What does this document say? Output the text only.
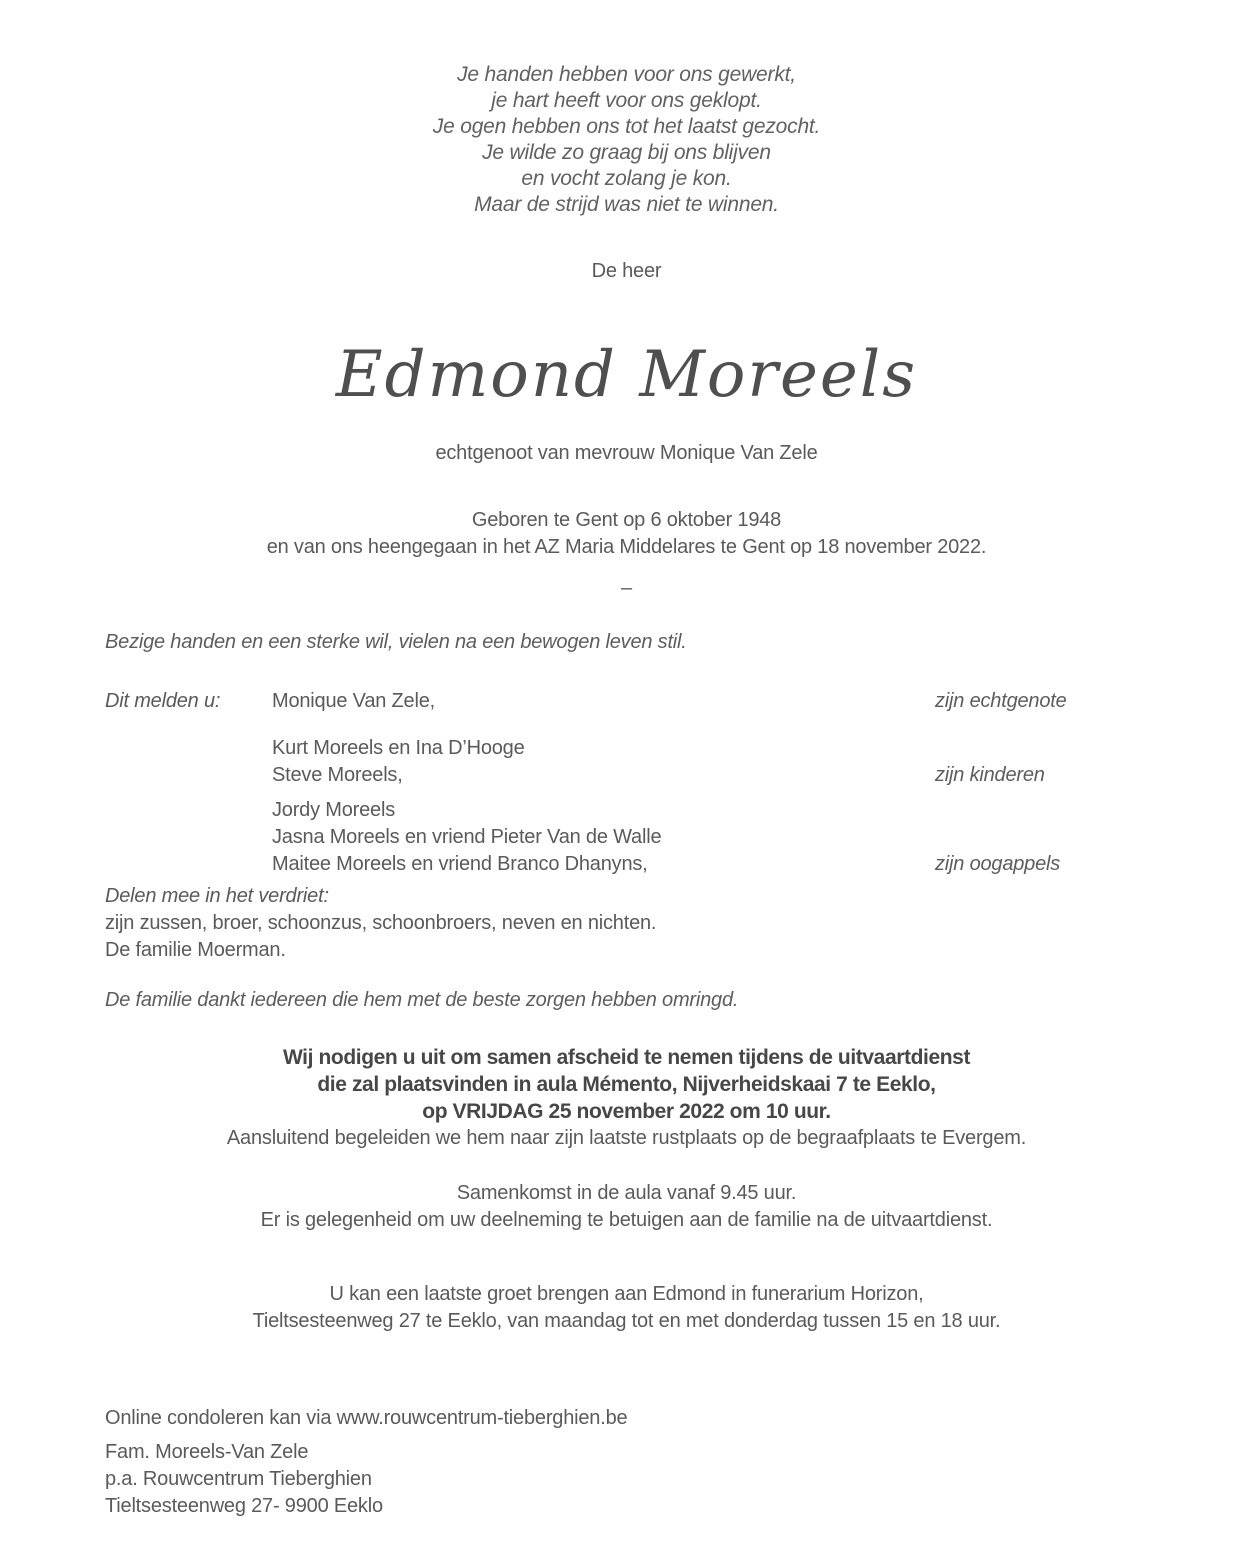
Je handen hebben voor ons gewerkt,
je hart heeft voor ons geklopt.
Je ogen hebben ons tot het laatst gezocht.
Je wilde zo graag bij ons blijven
en vocht zolang je kon.
Maar de strijd was niet te winnen.
De heer
Edmond Moreels
echtgenoot van mevrouw Monique Van Zele
Geboren te Gent op 6 oktober 1948
en van ons heengegaan in het AZ Maria Middelares te Gent op 18 november 2022.
–
Bezige handen en een sterke wil, vielen na een bewogen leven stil.
Dit melden u:	Monique Van Zele,	zijn echtgenote
Kurt Moreels en Ina D’Hooge
Steve Moreels,	zijn kinderen
Jordy Moreels
Jasna Moreels en vriend Pieter Van de Walle
Maitee Moreels en vriend Branco Dhanyns,	zijn oogappels
Delen mee in het verdriet:
zijn zussen, broer, schoonzus, schoonbroers, neven en nichten.
De familie Moerman.
De familie dankt iedereen die hem met de beste zorgen hebben omringd.
Wij nodigen u uit om samen afscheid te nemen tijdens de uitvaartdienst
die zal plaatsvinden in aula Mémento, Nijverheidskaai 7 te Eeklo,
op VRIJDAG 25 november 2022 om 10 uur.
Aansluitend begeleiden we hem naar zijn laatste rustplaats op de begraafplaats te Evergem.
Samenkomst in de aula vanaf 9.45 uur.
Er is gelegenheid om uw deelneming te betuigen aan de familie na de uitvaartdienst.
U kan een laatste groet brengen aan Edmond in funerarium Horizon,
Tieltsesteenweg 27 te Eeklo, van maandag tot en met donderdag tussen 15 en 18 uur.
Online condoleren kan via www.rouwcentrum-tieberghien.be
Fam. Moreels-Van Zele
p.a. Rouwcentrum Tieberghien
Tieltsesteenweg 27- 9900 Eeklo
